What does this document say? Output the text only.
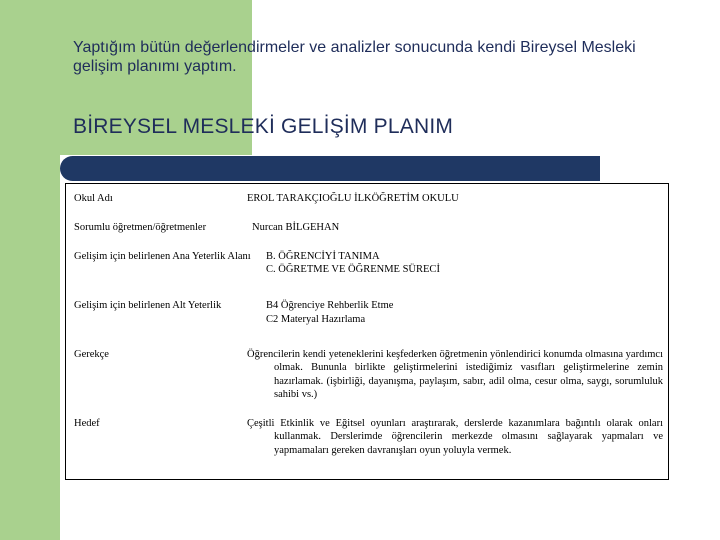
Yaptığım bütün değerlendirmeler ve analizler sonucunda kendi Bireysel Mesleki gelişim planımı yaptım.
BİREYSEL MESLEKİ GELİŞİM PLANIM
Okul Adı	EROL TARAKÇIOĞLU İLKÖĞRETİM OKULU
Sorumlu öğretmen/öğretmenler	Nurcan BİLGEHAN
Gelişim için belirlenen Ana Yeterlik Alanı B. ÖĞRENCİYİ TANIMA
C. ÖĞRETME VE ÖĞRENME SÜRECİ
Gelişim için belirlenen Alt Yeterlik	B4 Öğrenciye Rehberlik Etme
C2 Materyal Hazırlama
Gerekçe	Öğrencilerin kendi yeteneklerini keşfederken öğretmenin yönlendirici konumda olmasına yardımcı olmak. Bununla birlikte geliştirmelerini istediğimiz vasıfları geliştirmelerine zemin hazırlamak. (işbirliği, dayanışma, paylaşım, sabır, adil olma, cesur olma, saygı, sorumluluk sahibi vs.)
Hedef	Çeşitli Etkinlik ve Eğitsel oyunları araştırarak, derslerde kazanımlara bağıntılı olarak onları kullanmak. Derslerimde öğrencilerin merkezde olmasını sağlayarak yapmaları ve yapmamaları gereken davranışları oyun yoluyla vermek.
